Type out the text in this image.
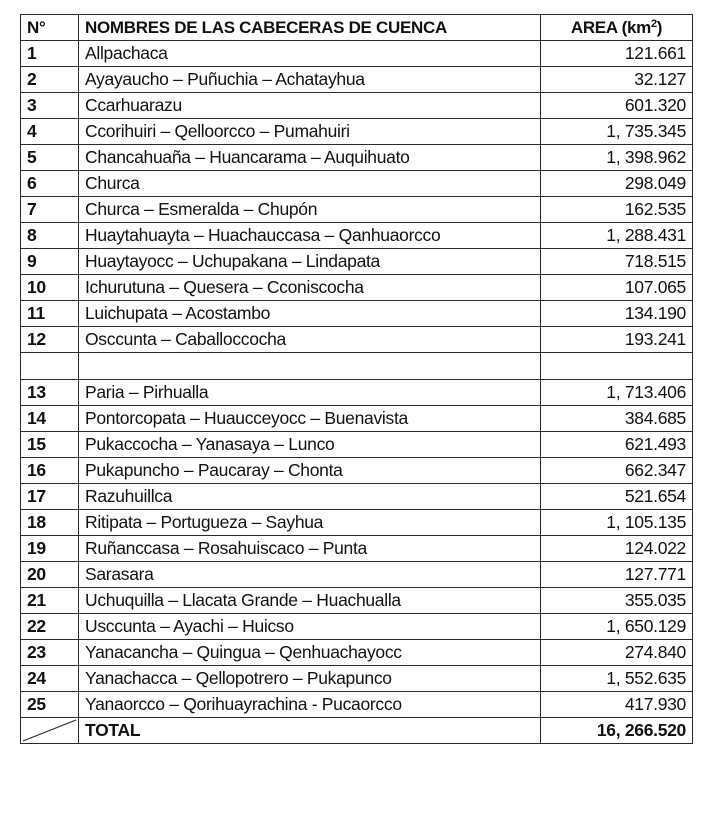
N°	NOMBRES DE LAS CABECERAS DE CUENCA	AREA $(km^2)$
1	Allpachaca	121.661
2	Ayayaucho – Puñuchia – Achatayhua	32.127
3	Ccarhuarazu	601.320
4	Ccorihuiri – Qelloorcco – Pumahuiri	1, 735.345
5	Chancahuaña – Huancarama – Auquihuato	1, 398.962
6	Churca	298.049
7	Churca – Esmeralda – Chupón	162.535
8	Huaytahuayta – Huachauccasa – Qanhuaorcco	1, 288.431
9	Huaytayocc – Uchupakana – Lindapata	718.515
10	Ichurutuna – Quesera – Cconiscocha	107.065
11	Luichupata – Acostambo	134.190
12	Osccunta – Caballoccocha	193.241

13	Paria – Pirhualla	1, 713.406
14	Pontorcopata – Huaucceyocc – Buenavista	384.685
15	Pukaccocha – Yanasaya – Lunco	621.493
16	Pukapuncho – Paucaray – Chonta	662.347
17	Razuhuillca	521.654
18	Ritipata – Portugueza – Sayhua	1, 105.135
19	Ruñanccasa – Rosahuiscaco – Punta	124.022
20	Sarasara	127.771
21	Uchuquilla – Llacata Grande – Huachualla	355.035
22	Usccunta – Ayachi – Huicso	1, 650.129
23	Yanacancha – Quingua – Qenhuachayocc	274.840
24	Yanachacca – Qellopotrero – Pukapunco	1, 552.635
25	Yanaorcco – Qorihuayrachina - Pucaorcco	417.930

	TOTAL	16, 266.520
